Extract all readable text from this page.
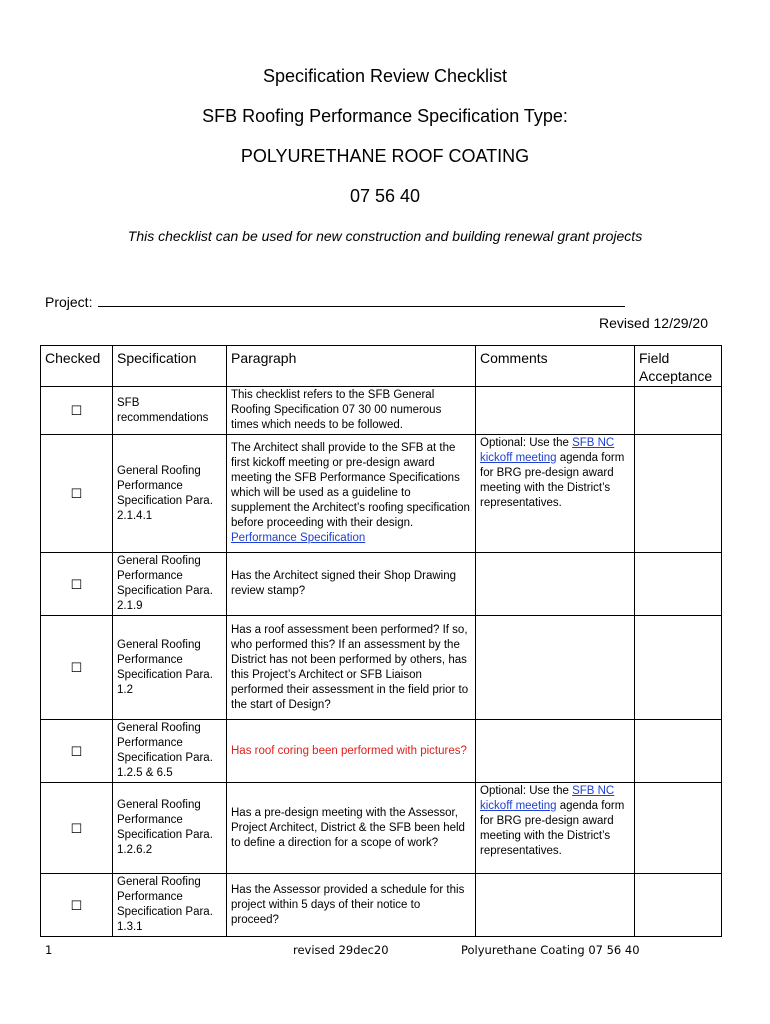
Specification Review Checklist
SFB Roofing Performance Specification Type:
POLYURETHANE ROOF COATING
07 56 40
This checklist can be used for new construction and building renewal grant projects
Project:
Revised 12/29/20
Checked	Specification	Paragraph	Comments	Field Acceptance
☐	SFB recommendations	This checklist refers to the SFB General Roofing Specification 07 30 00 numerous times which needs to be followed.		
☐	General Roofing Performance Specification Para. 2.1.4.1	The Architect shall provide to the SFB at the first kickoff meeting or pre-design award meeting the SFB Performance Specifications which will be used as a guideline to supplement the Architect’s roofing specification before proceeding with their design. Performance Specification	Optional: Use the SFB NC kickoff meeting agenda form for BRG pre-design award meeting with the District’s representatives.	
☐	General Roofing Performance Specification Para. 2.1.9	Has the Architect signed their Shop Drawing review stamp?		
☐	General Roofing Performance Specification Para. 1.2	Has a roof assessment been performed? If so, who performed this? If an assessment by the District has not been performed by others, has this Project’s Architect or SFB Liaison performed their assessment in the field prior to the start of Design?		
☐	General Roofing Performance Specification Para. 1.2.5 & 6.5	Has roof coring been performed with pictures?		
☐	General Roofing Performance Specification Para. 1.2.6.2	Has a pre-design meeting with the Assessor, Project Architect, District & the SFB been held to define a direction for a scope of work?	Optional: Use the SFB NC kickoff meeting agenda form for BRG pre-design award meeting with the District’s representatives.	
☐	General Roofing Performance Specification Para. 1.3.1	Has the Assessor provided a schedule for this project within 5 days of their notice to proceed?		
1	revised 29dec20	Polyurethane Coating 07 56 40
